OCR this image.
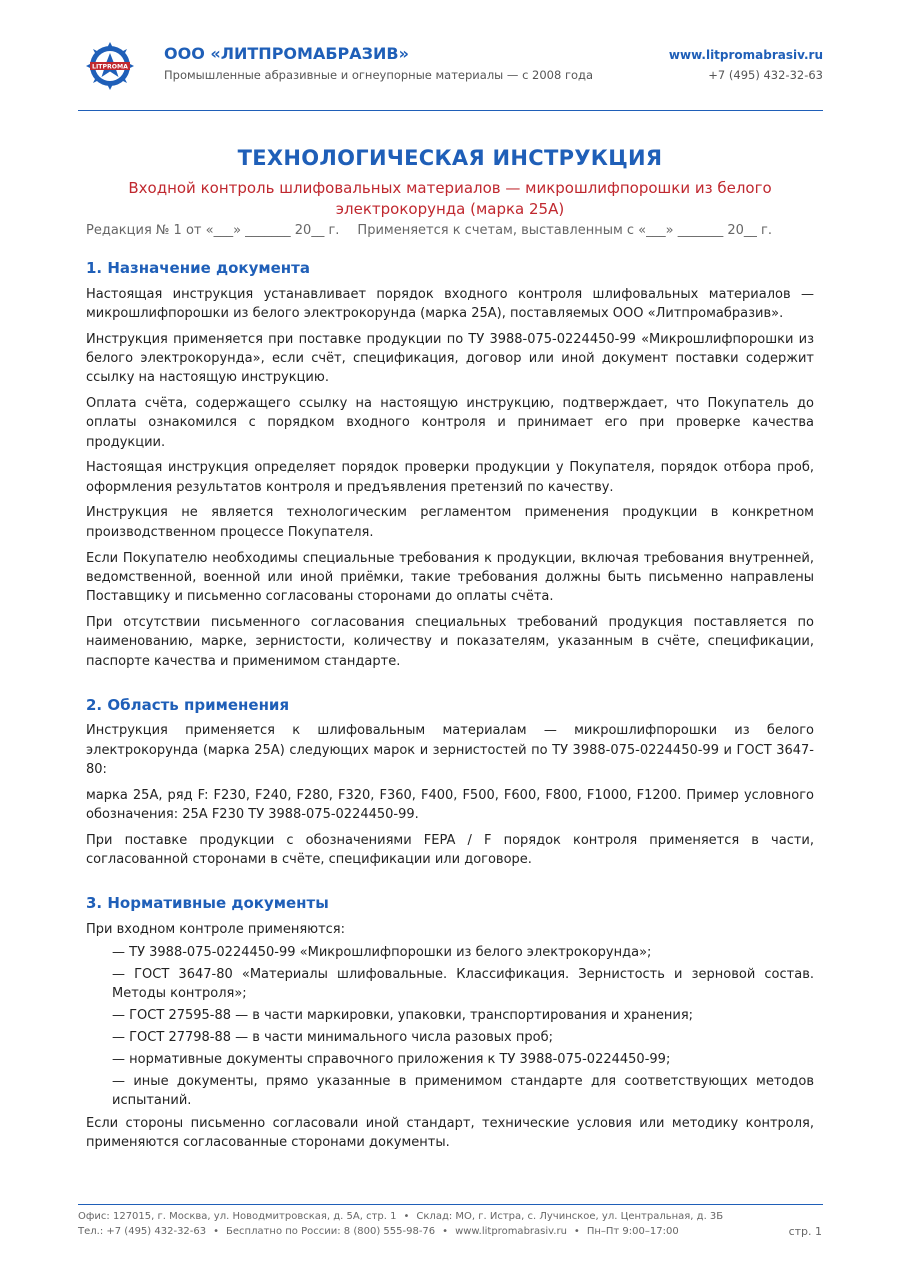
LITPROMA
ООО «ЛИТПРОМАБРАЗИВ»
Промышленные абразивные и огнеупорные материалы — с 2008 года
www.litpromabrasiv.ru
+7 (495) 432-32-63
ТЕХНОЛОГИЧЕСКАЯ ИНСТРУКЦИЯ
Входной контроль шлифовальных материалов — микрошлифпорошки из белого электрокорунда (марка 25А)
Редакция № 1 от «___» _______ 20__ г. Применяется к счетам, выставленным с «___» _______ 20__ г.
1. Назначение документа

Настоящая инструкция устанавливает порядок входного контроля шлифовальных материалов — микрошлифпорошки из белого электрокорунда (марка 25А), поставляемых ООО «Литпромабразив».

Инструкция применяется при поставке продукции по ТУ 3988-075-0224450-99 «Микрошлифпорошки из белого электрокорунда», если счёт, спецификация, договор или иной документ поставки содержит ссылку на настоящую инструкцию.

Оплата счёта, содержащего ссылку на настоящую инструкцию, подтверждает, что Покупатель до оплаты ознакомился с порядком входного контроля и принимает его при проверке качества продукции.

Настоящая инструкция определяет порядок проверки продукции у Покупателя, порядок отбора проб, оформления результатов контроля и предъявления претензий по качеству.

Инструкция не является технологическим регламентом применения продукции в конкретном производственном процессе Покупателя.

Если Покупателю необходимы специальные требования к продукции, включая требования внутренней, ведомственной, военной или иной приёмки, такие требования должны быть письменно направлены Поставщику и письменно согласованы сторонами до оплаты счёта.

При отсутствии письменного согласования специальных требований продукция поставляется по наименованию, марке, зернистости, количеству и показателям, указанным в счёте, спецификации, паспорте качества и применимом стандарте.

2. Область применения

Инструкция применяется к шлифовальным материалам — микрошлифпорошки из белого электрокорунда (марка 25А) следующих марок и зернистостей по ТУ 3988-075-0224450-99 и ГОСТ 3647-80:

марка 25А, ряд F: F230, F240, F280, F320, F360, F400, F500, F600, F800, F1000, F1200. Пример условного обозначения: 25А F230 ТУ 3988-075-0224450-99.

При поставке продукции с обозначениями FEPA / F порядок контроля применяется в части, согласованной сторонами в счёте, спецификации или договоре.

3. Нормативные документы

При входном контроле применяются:

— ТУ 3988-075-0224450-99 «Микрошлифпорошки из белого электрокорунда»;
— ГОСТ 3647-80 «Материалы шлифовальные. Классификация. Зернистость и зерновой состав. Методы контроля»;
— ГОСТ 27595-88 — в части маркировки, упаковки, транспортирования и хранения;
— ГОСТ 27798-88 — в части минимального числа разовых проб;
— нормативные документы справочного приложения к ТУ 3988-075-0224450-99;
— иные документы, прямо указанные в применимом стандарте для соответствующих методов испытаний.

Если стороны письменно согласовали иной стандарт, технические условия или методику контроля, применяются согласованные сторонами документы.

Офис: 127015, г. Москва, ул. Новодмитровская, д. 5А, стр. 1 • Склад: МО, г. Истра, с. Лучинское, ул. Центральная, д. 3Б
Тел.: +7 (495) 432-32-63 • Бесплатно по России: 8 (800) 555-98-76 • www.litpromabrasiv.ru • Пн–Пт 9:00–17:00	стр. 1
